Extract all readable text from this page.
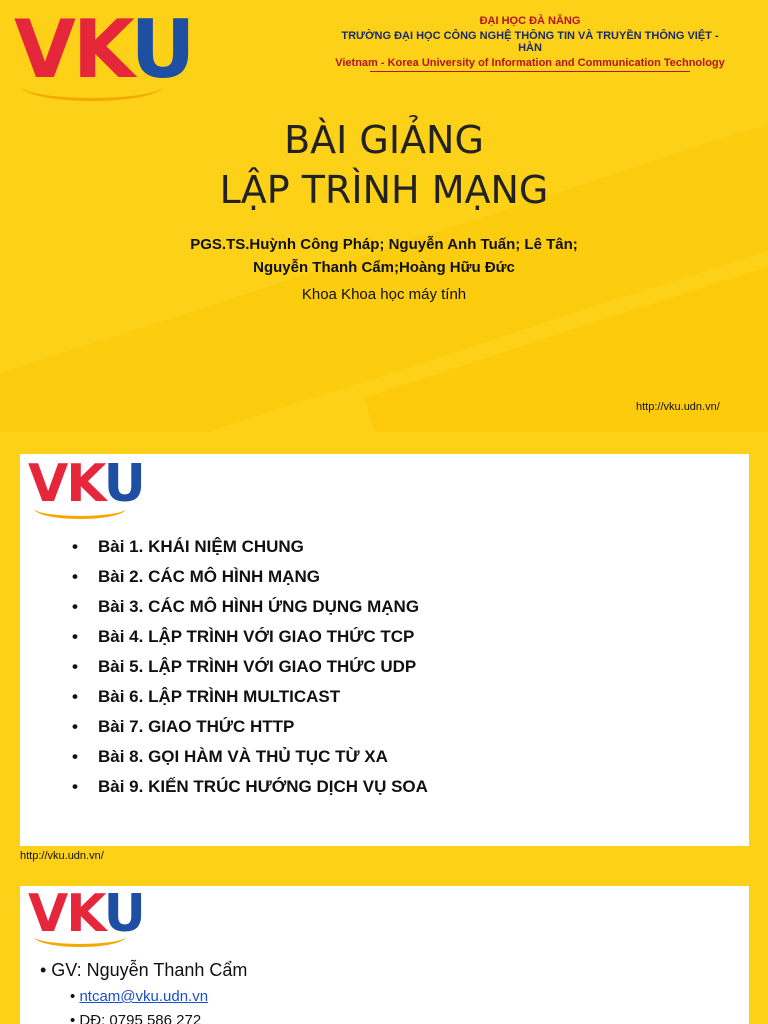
VKU	ĐẠI HỌC ĐÀ NẴNG
TRƯỜNG ĐẠI HỌC CÔNG NGHỆ THÔNG TIN VÀ TRUYỀN THÔNG VIỆT - HÀN
Vietnam - Korea University of Information and Communication Technology
BÀI GIẢNG
LẬP TRÌNH MẠNG
PGS.TS.Huỳnh Công Pháp; Nguyễn Anh Tuấn; Lê Tân;
Nguyễn Thanh Cẩm;Hoàng Hữu Đức
Khoa Khoa học máy tính
http://vku.udn.vn/
VKU
• Bài 1. KHÁI NIỆM CHUNG
• Bài 2. CÁC MÔ HÌNH MẠNG
• Bài 3. CÁC MÔ HÌNH ỨNG DỤNG MẠNG
• Bài 4. LẬP TRÌNH VỚI GIAO THỨC TCP
• Bài 5. LẬP TRÌNH VỚI GIAO THỨC UDP
• Bài 6. LẬP TRÌNH MULTICAST
• Bài 7. GIAO THỨC HTTP
• Bài 8. GỌI HÀM VÀ THỦ TỤC TỪ XA
• Bài 9. KIẾN TRÚC HƯỚNG DỊCH VỤ SOA
http://vku.udn.vn/
VKU
• GV: Nguyễn Thanh Cẩm
• ntcam@vku.udn.vn
• DĐ: 0795 586 272
